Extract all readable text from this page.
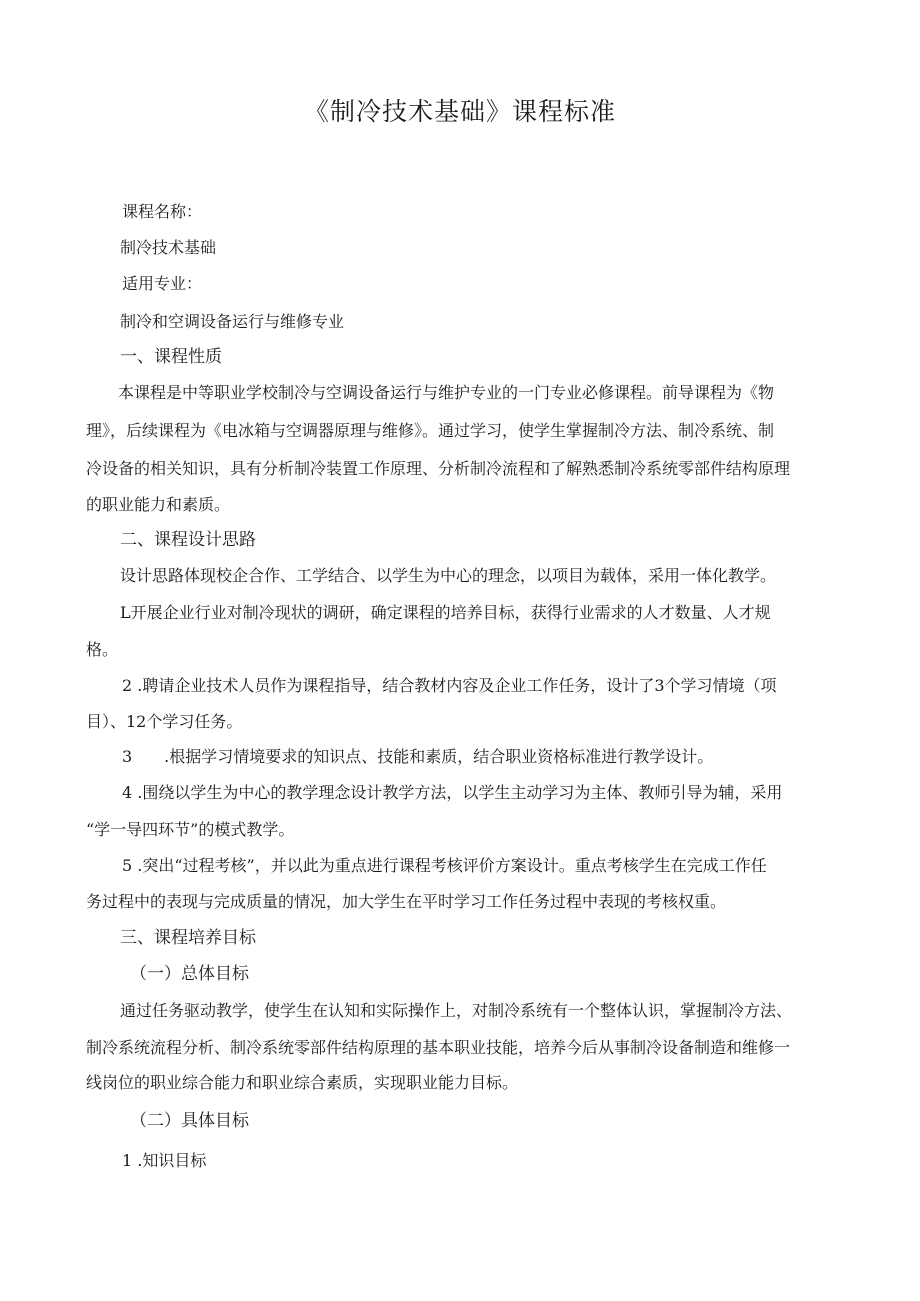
《制冷技术基础》课程标准
课程名称：
制冷技术基础
适用专业：
制冷和空调设备运行与维修专业
一、课程性质
本课程是中等职业学校制冷与空调设备运行与维护专业的一门专业必修课程。前导课程为《物
理》，后续课程为《电冰箱与空调器原理与维修》。通过学习，使学生掌握制冷方法、制冷系统、制
冷设备的相关知识，具有分析制冷装置工作原理、分析制冷流程和了解熟悉制冷系统零部件结构原理
的职业能力和素质。
二、课程设计思路
设计思路体现校企合作、工学结合、以学生为中心的理念，以项目为载体，采用一体化教学。
L开展企业行业对制冷现状的调研，确定课程的培养目标，获得行业需求的人才数量、人才规
格。
2 .聘请企业技术人员作为课程指导，结合教材内容及企业工作任务，设计了3个学习情境（项
目）、12个学习任务。
3　　.根据学习情境要求的知识点、技能和素质，结合职业资格标准进行教学设计。
4 .围绕以学生为中心的教学理念设计教学方法，以学生主动学习为主体、教师引导为辅，采用
“学一导四环节”的模式教学。
5 .突出“过程考核”，并以此为重点进行课程考核评价方案设计。重点考核学生在完成工作任
务过程中的表现与完成质量的情况，加大学生在平时学习工作任务过程中表现的考核权重。
三、课程培养目标
（一）总体目标
通过任务驱动教学，使学生在认知和实际操作上，对制冷系统有一个整体认识，掌握制冷方法、
制冷系统流程分析、制冷系统零部件结构原理的基本职业技能，培养今后从事制冷设备制造和维修一
线岗位的职业综合能力和职业综合素质，实现职业能力目标。
（二）具体目标
1 .知识目标
